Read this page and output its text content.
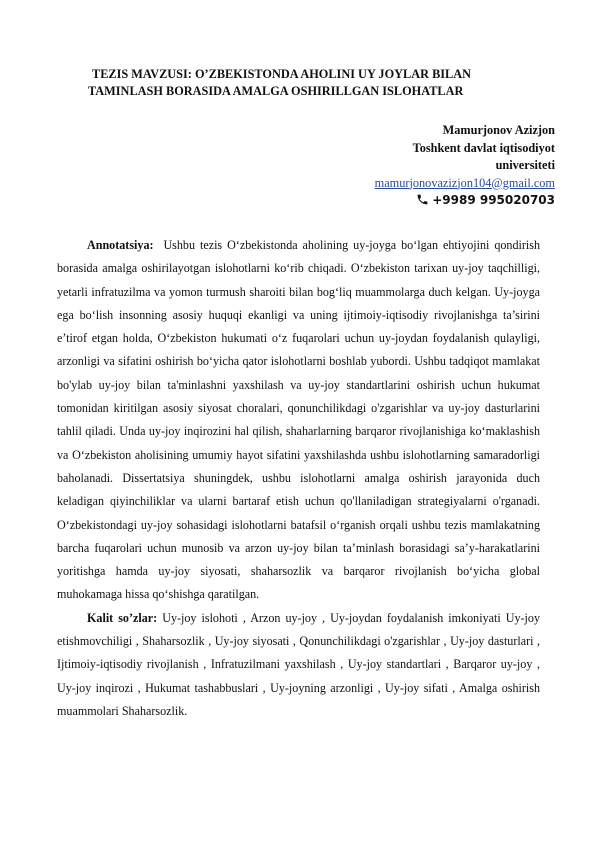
TEZIS MAVZUSI: O’ZBEKISTONDA AHOLINI UY JOYLAR BILAN
TAMINLASH BORASIDA AMALGA OSHIRILLGAN ISLOHATLAR
Mamurjonov Azizjon
Toshkent davlat iqtisodiyot
universiteti
mamurjonovazizjon104@gmail.com
+9989 995020703

Annotatsiya: Ushbu tezis O‘zbekistonda aholining uy-joyga bo‘lgan ehtiyojini qondirish borasida amalga oshirilayotgan islohotlarni ko‘rib chiqadi. O‘zbekiston tarixan uy-joy taqchilligi, yetarli infratuzilma va yomon turmush sharoiti bilan bog‘liq muammolarga duch kelgan. Uy-joyga ega bo‘lish insonning asosiy huquqi ekanligi va uning ijtimoiy-iqtisodiy rivojlanishga ta’sirini e’tirof etgan holda, O‘zbekiston hukumati o‘z fuqarolari uchun uy-joydan foydalanish qulayligi, arzonligi va sifatini oshirish bo‘yicha qator islohotlarni boshlab yubordi. Ushbu tadqiqot mamlakat bo'ylab uy-joy bilan ta'minlashni yaxshilash va uy-joy standartlarini oshirish uchun hukumat tomonidan kiritilgan asosiy siyosat choralari, qonunchilikdagi o'zgarishlar va uy-joy dasturlarini tahlil qiladi. Unda uy-joy inqirozini hal qilish, shaharlarning barqaror rivojlanishiga ko‘maklashish va O‘zbekiston aholisining umumiy hayot sifatini yaxshilashda ushbu islohotlarning samaradorligi baholanadi. Dissertatsiya shuningdek, ushbu islohotlarni amalga oshirish jarayonida duch keladigan qiyinchiliklar va ularni bartaraf etish uchun qo'llaniladigan strategiyalarni o'rganadi. O‘zbekistondagi uy-joy sohasidagi islohotlarni batafsil o‘rganish orqali ushbu tezis mamlakatning barcha fuqarolari uchun munosib va arzon uy-joy bilan ta’minlash borasidagi sa’y-harakatlarini yoritishga hamda uy-joy siyosati, shaharsozlik va barqaror rivojlanish bo‘yicha global muhokamaga hissa qo‘shishga qaratilgan.

Kalit so’zlar: Uy-joy islohoti , Arzon uy-joy , Uy-joydan foydalanish imkoniyati Uy-joy etishmovchiligi , Shaharsozlik , Uy-joy siyosati , Qonunchilikdagi o'zgarishlar , Uy-joy dasturlari , Ijtimoiy-iqtisodiy rivojlanish , Infratuzilmani yaxshilash , Uy-joy standartlari , Barqaror uy-joy , Uy-joy inqirozi , Hukumat tashabbuslari , Uy-joyning arzonligi , Uy-joy sifati , Amalga oshirish muammolari Shaharsozlik.
